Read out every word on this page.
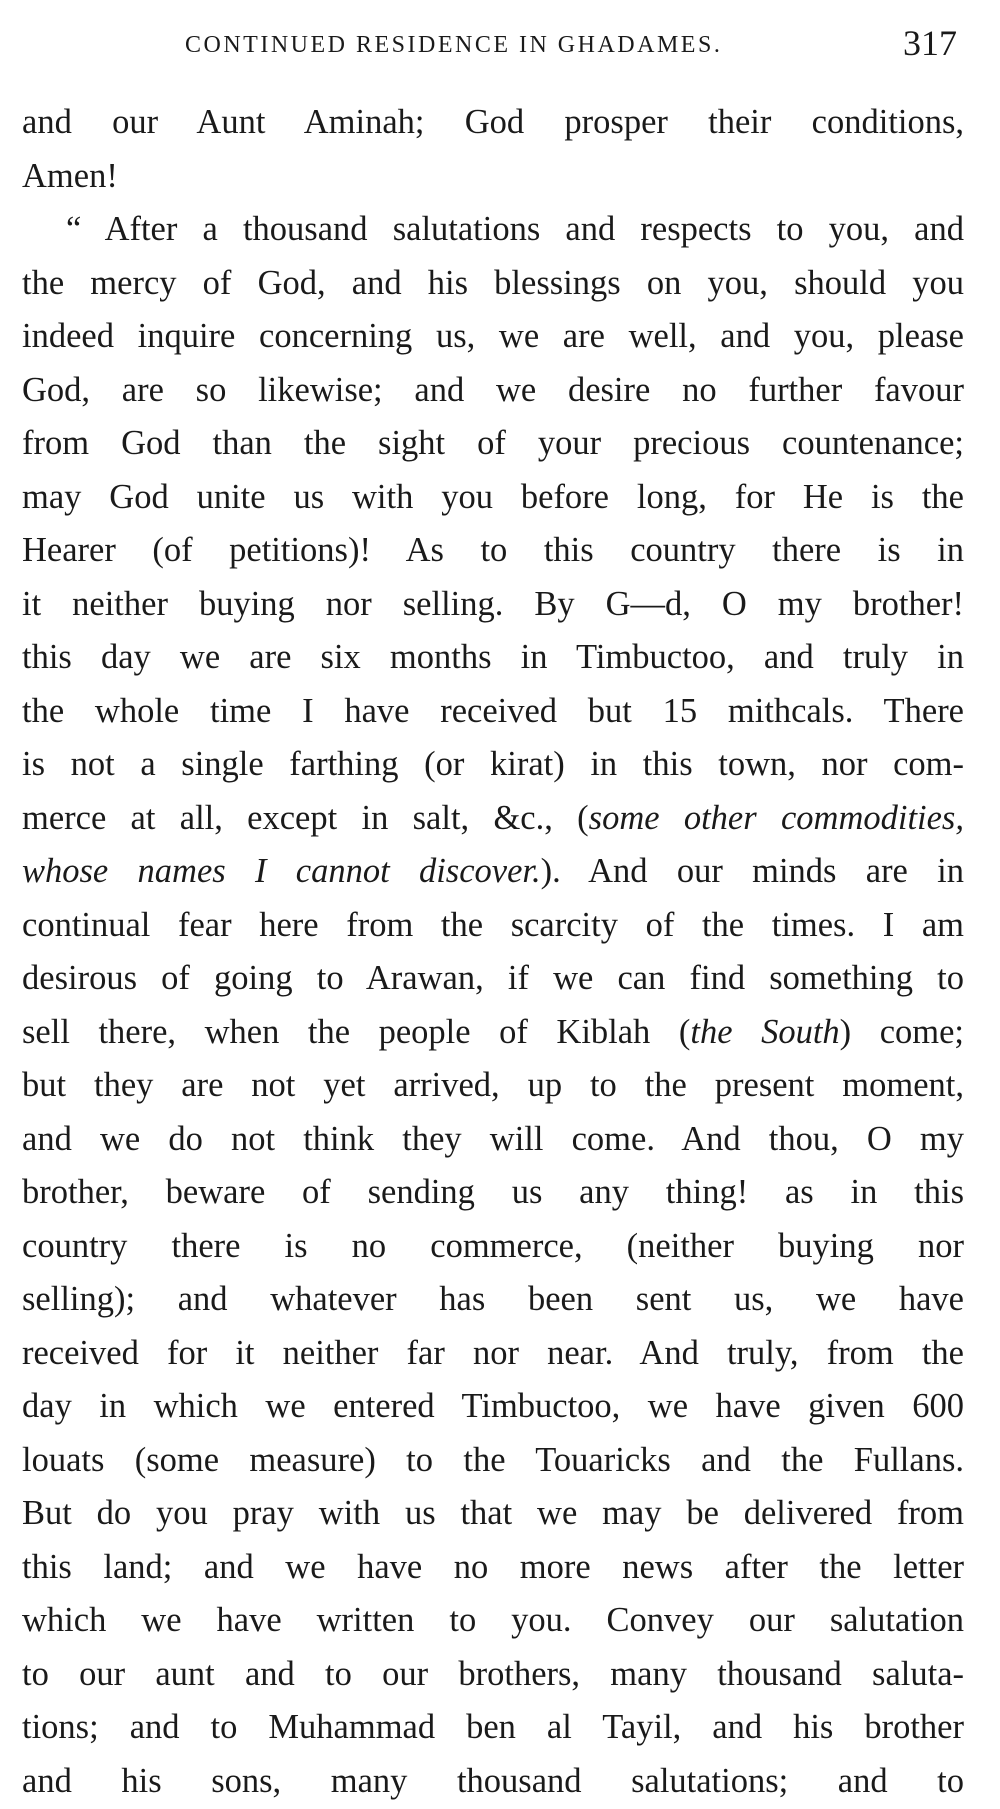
CONTINUED RESIDENCE IN GHADAMES.	317
and our Aunt Aminah; God prosper their conditions,
Amen!
“ After a thousand salutations and respects to you, and
the mercy of God, and his blessings on you, should you
indeed inquire concerning us, we are well, and you, please
God, are so likewise; and we desire no further favour
from God than the sight of your precious countenance;
may God unite us with you before long, for He is the
Hearer (of petitions)! As to this country there is in
it neither buying nor selling. By G—d, O my brother!
this day we are six months in Timbuctoo, and truly in
the whole time I have received but 15 mithcals. There
is not a single farthing (or kirat) in this town, nor com-
merce at all, except in salt, &c., (some other commodities,
whose names I cannot discover.). And our minds are in
continual fear here from the scarcity of the times. I am
desirous of going to Arawan, if we can find something to
sell there, when the people of Kiblah (the South) come;
but they are not yet arrived, up to the present moment,
and we do not think they will come. And thou, O my
brother, beware of sending us any thing! as in this
country there is no commerce, (neither buying nor
selling); and whatever has been sent us, we have
received for it neither far nor near. And truly, from the
day in which we entered Timbuctoo, we have given 600
louats (some measure) to the Touaricks and the Fullans.
But do you pray with us that we may be delivered from
this land; and we have no more news after the letter
which we have written to you. Convey our salutation
to our aunt and to our brothers, many thousand saluta-
tions; and to Muhammad ben al Tayil, and his brother
and his sons, many thousand salutations; and to
